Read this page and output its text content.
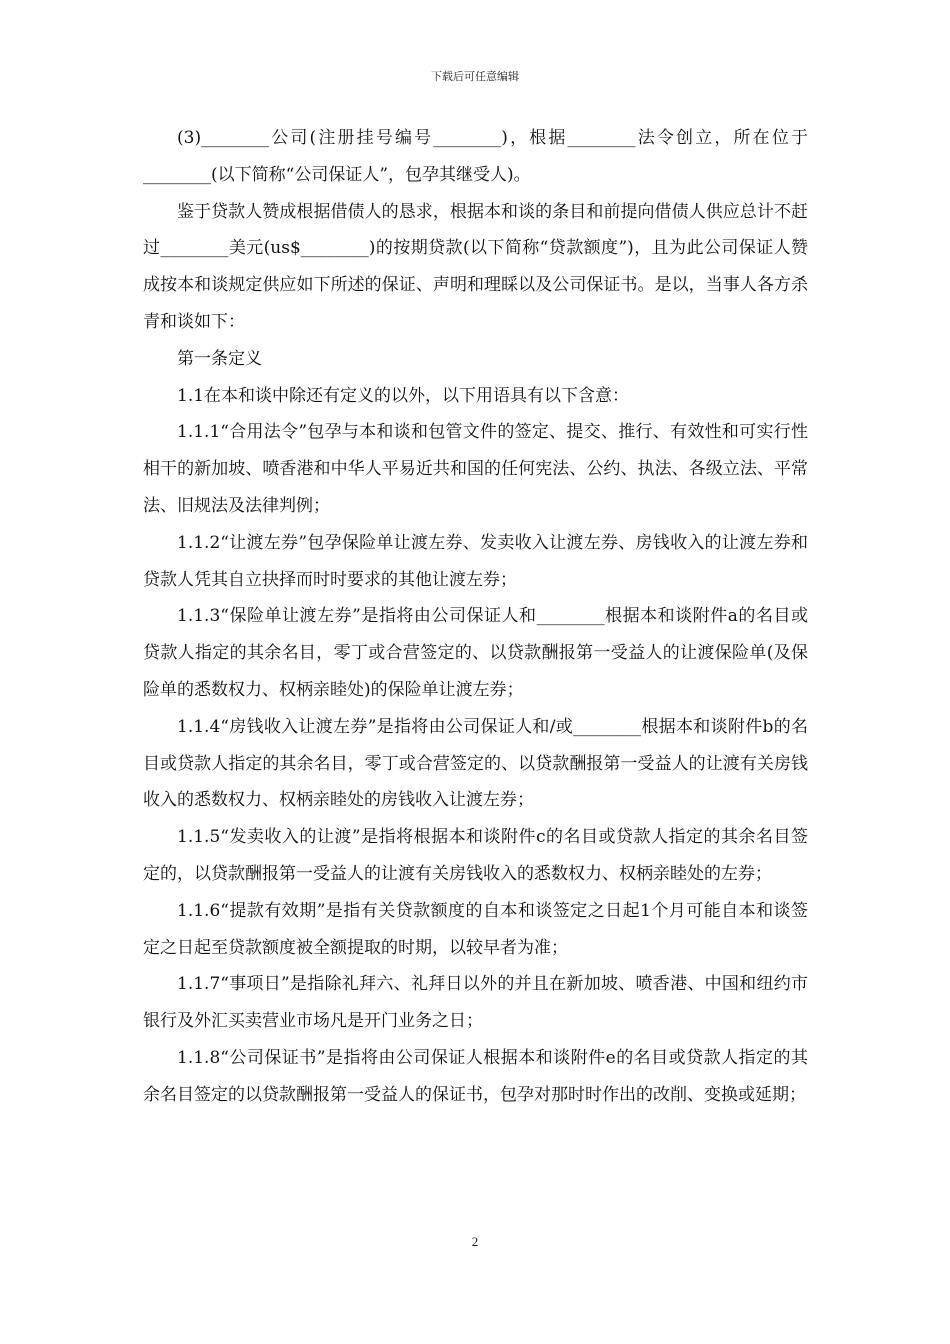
下载后可任意编辑

(3)________公司(注册挂号编号________)，根据________法令创立，所在位于________(以下简称“公司保证人”，包孕其继受人)。

鉴于贷款人赞成根据借债人的恳求，根据本和谈的条目和前提向借债人供应总计不赶过________美元(us$________)的按期贷款(以下简称“贷款额度”)，且为此公司保证人赞成按本和谈规定供应如下所述的保证、声明和理睬以及公司保证书。是以，当事人各方杀青和谈如下：

第一条定义

1.1在本和谈中除还有定义的以外，以下用语具有以下含意：

1.1.1“合用法令”包孕与本和谈和包管文件的签定、提交、推行、有效性和可实行性相干的新加坡、喷香港和中华人平易近共和国的任何宪法、公约、执法、各级立法、平常法、旧规法及法律判例；

1.1.2“让渡左券”包孕保险单让渡左券、发卖收入让渡左券、房钱收入的让渡左券和贷款人凭其自立抉择而时时要求的其他让渡左券；

1.1.3“保险单让渡左券”是指将由公司保证人和________根据本和谈附件a的名目或贷款人指定的其余名目，零丁或合营签定的、以贷款酬报第一受益人的让渡保险单(及保险单的悉数权力、权柄亲睦处)的保险单让渡左券；

1.1.4“房钱收入让渡左券”是指将由公司保证人和/或________根据本和谈附件b的名目或贷款人指定的其余名目，零丁或合营签定的、以贷款酬报第一受益人的让渡有关房钱收入的悉数权力、权柄亲睦处的房钱收入让渡左券；

1.1.5“发卖收入的让渡”是指将根据本和谈附件c的名目或贷款人指定的其余名目签定的，以贷款酬报第一受益人的让渡有关房钱收入的悉数权力、权柄亲睦处的左券；

1.1.6“提款有效期”是指有关贷款额度的自本和谈签定之日起1个月可能自本和谈签定之日起至贷款额度被全额提取的时期，以较早者为准；

1.1.7“事项日”是指除礼拜六、礼拜日以外的并且在新加坡、喷香港、中国和纽约市银行及外汇买卖营业市场凡是开门业务之日；

1.1.8“公司保证书”是指将由公司保证人根据本和谈附件e的名目或贷款人指定的其余名目签定的以贷款酬报第一受益人的保证书，包孕对那时时作出的改削、变换或延期；

2
